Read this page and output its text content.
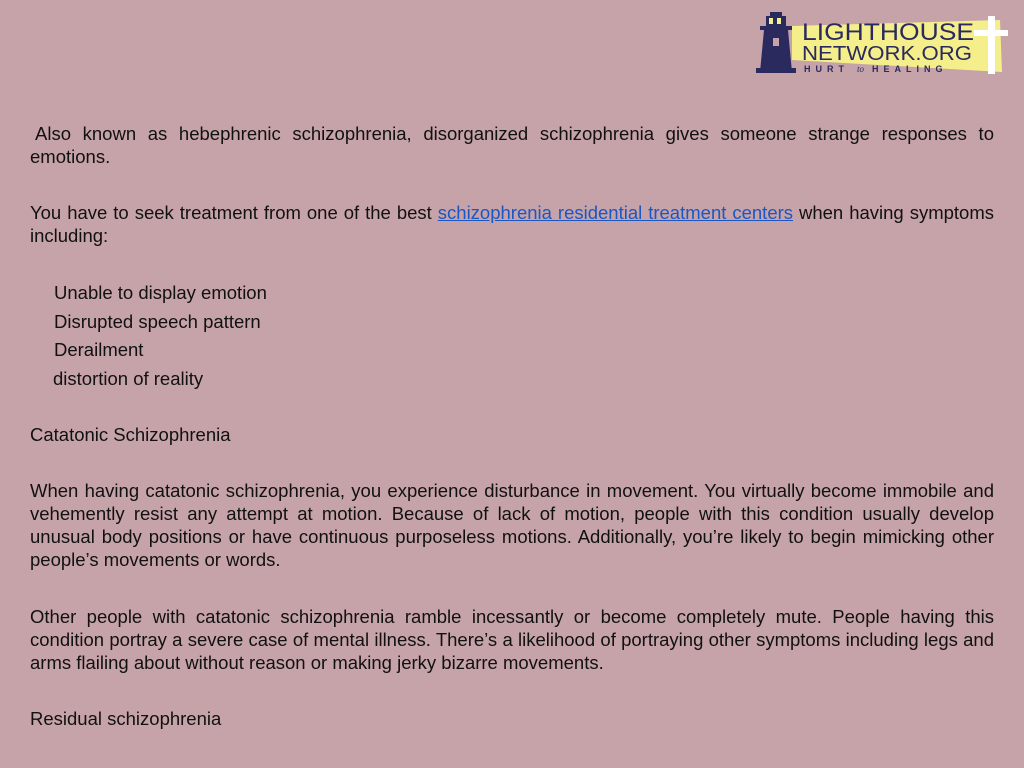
LIGHTHOUSE
NETWORK.ORG
HURT to HEALING

Also known as hebephrenic schizophrenia, disorganized schizophrenia gives someone strange responses to emotions.

You have to seek treatment from one of the best schizophrenia residential treatment centers when having symptoms including:

Unable to display emotion
Disrupted speech pattern
Derailment
distortion of reality

Catatonic Schizophrenia

When having catatonic schizophrenia, you experience disturbance in movement. You virtually become immobile and vehemently resist any attempt at motion. Because of lack of motion, people with this condition usually develop unusual body positions or have continuous purposeless motions. Additionally, you’re likely to begin mimicking other people’s movements or words.

Other people with catatonic schizophrenia ramble incessantly or become completely mute. People having this condition portray a severe case of mental illness. There’s a likelihood of portraying other symptoms including legs and arms flailing about without reason or making jerky bizarre movements.

Residual schizophrenia
